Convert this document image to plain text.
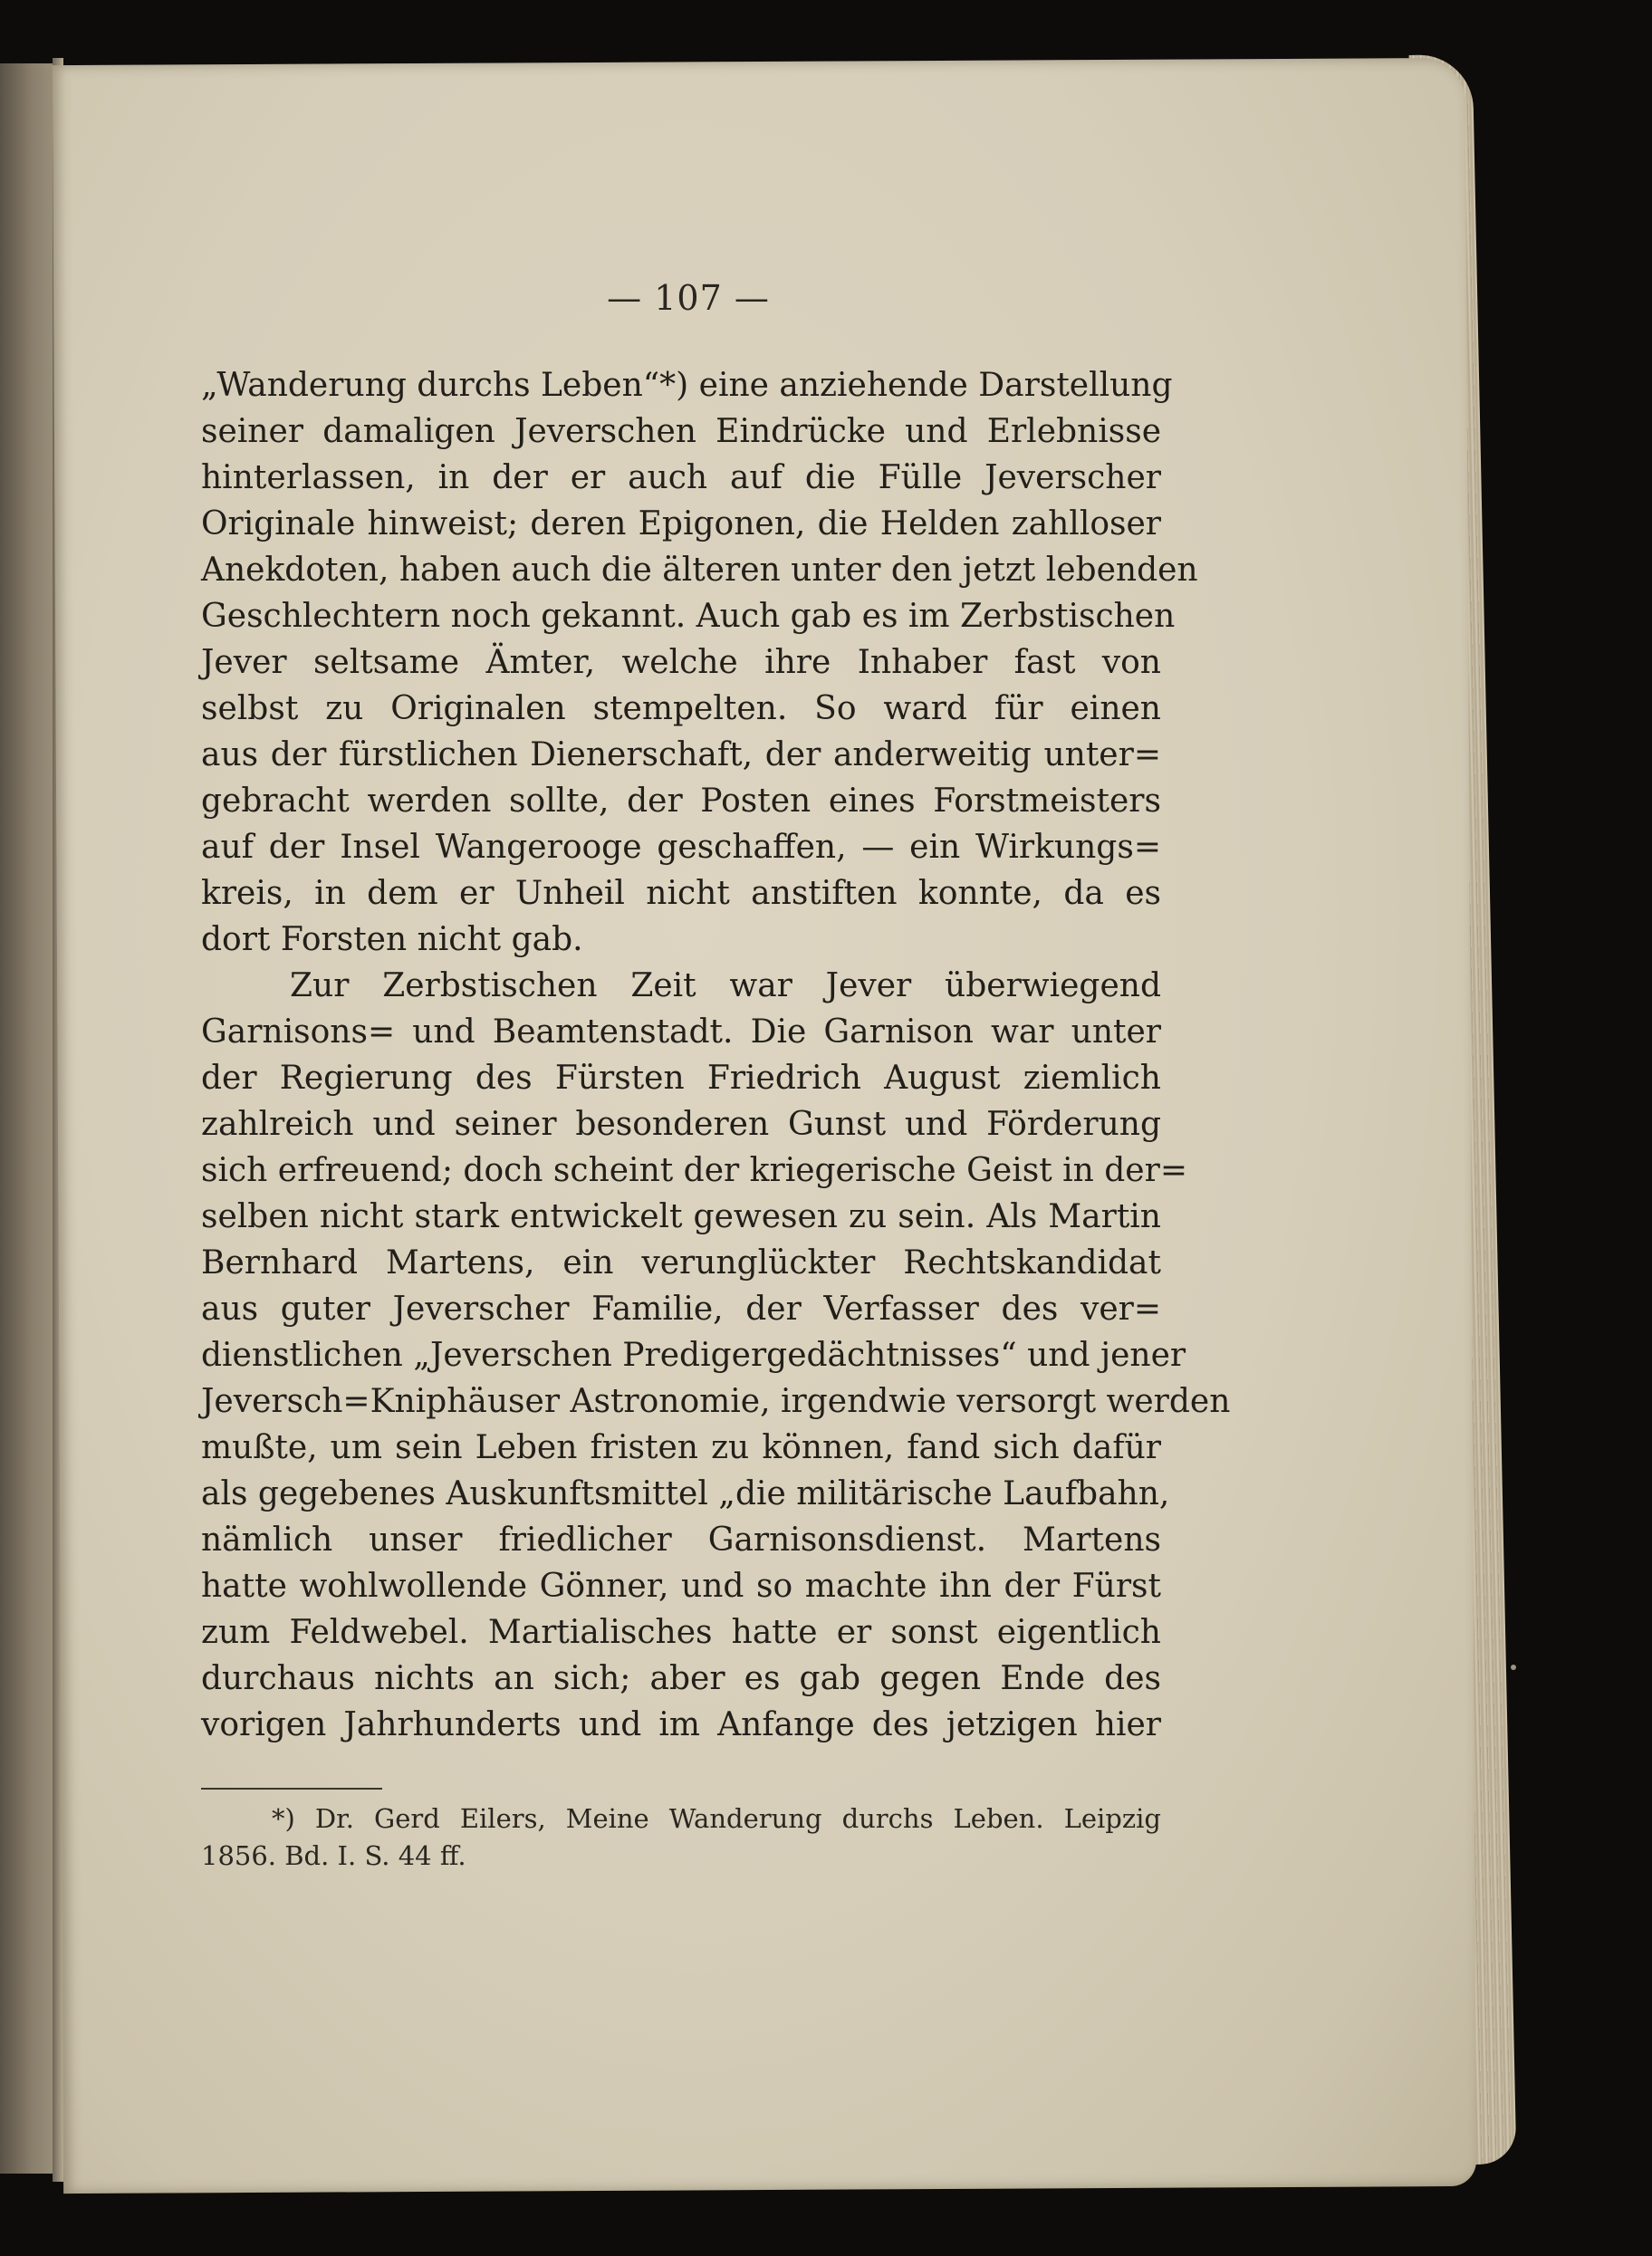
— 107 —
„Wanderung durchs Leben“*) eine anziehende Darstellung
seiner damaligen Jeverschen Eindrücke und Erlebnisse
hinterlassen, in der er auch auf die Fülle Jeverscher
Originale hinweist; deren Epigonen, die Helden zahlloser
Anekdoten, haben auch die älteren unter den jetzt lebenden
Geschlechtern noch gekannt. Auch gab es im Zerbstischen
Jever seltsame Ämter, welche ihre Inhaber fast von
selbst zu Originalen stempelten. So ward für einen
aus der fürstlichen Dienerschaft, der anderweitig unter=
gebracht werden sollte, der Posten eines Forstmeisters
auf der Insel Wangerooge geschaffen, — ein Wirkungs=
kreis, in dem er Unheil nicht anstiften konnte, da es
dort Forsten nicht gab.
Zur Zerbstischen Zeit war Jever überwiegend
Garnisons= und Beamtenstadt. Die Garnison war unter
der Regierung des Fürsten Friedrich August ziemlich
zahlreich und seiner besonderen Gunst und Förderung
sich erfreuend; doch scheint der kriegerische Geist in der=
selben nicht stark entwickelt gewesen zu sein. Als Martin
Bernhard Martens, ein verunglückter Rechtskandidat
aus guter Jeverscher Familie, der Verfasser des ver=
dienstlichen „Jeverschen Predigergedächtnisses“ und jener
Jeversch=Kniphäuser Astronomie, irgendwie versorgt werden
mußte, um sein Leben fristen zu können, fand sich dafür
als gegebenes Auskunftsmittel „die militärische Laufbahn,
nämlich unser friedlicher Garnisonsdienst. Martens
hatte wohlwollende Gönner, und so machte ihn der Fürst
zum Feldwebel. Martialisches hatte er sonst eigentlich
durchaus nichts an sich; aber es gab gegen Ende des
vorigen Jahrhunderts und im Anfange des jetzigen hier
*) Dr. Gerd Eilers, Meine Wanderung durchs Leben. Leipzig
1856. Bd. I. S. 44 ff.
